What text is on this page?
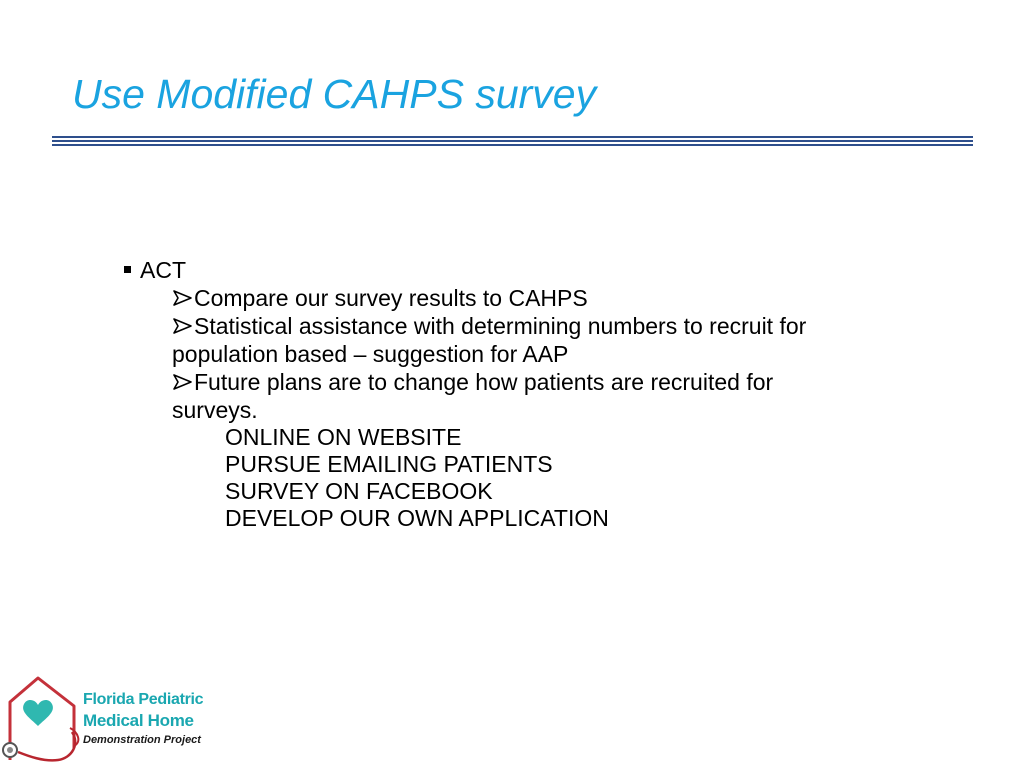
Use Modified CAHPS survey
ACT
Compare our survey results to CAHPS
Statistical assistance with determining numbers to recruit for
population based – suggestion for AAP
Future plans are to change how patients are recruited for
surveys.
ONLINE ON WEBSITE
PURSUE EMAILING PATIENTS
SURVEY ON FACEBOOK
DEVELOP OUR OWN APPLICATION
Florida Pediatric
Medical Home
Demonstration Project
